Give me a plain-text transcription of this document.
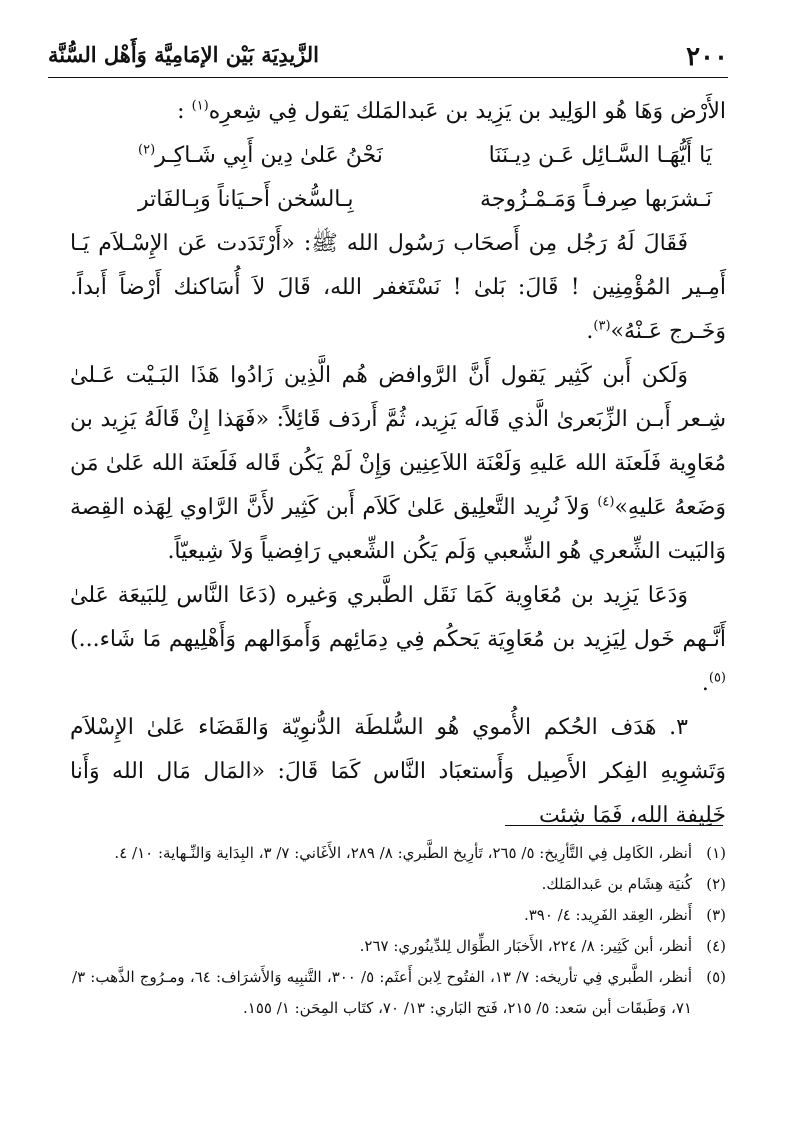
٢٠٠
الزَّيدِيَة بَيْن الإمَامِيَّة وَأَهْل السُّنَّة

الأَرْض وَهَا هُو الوَلِيد بن يَزِيد بن عَبدالمَلك يَقول فِي شِعرِه$^{(١)}$ :

يَا أَيُّهَـا السَّـائِل عَـن دِيـنَنَا
نَحْنُ عَلىٰ دِين أَبِي شَـاكِـر$^{(٢)}$
نَـشرَبها صِرفـاً وَمَـمْـزُوجة
بِـالسُّخن أَحـيَاناً وَبِـالفَاتر

فَقَالَ لَهُ رَجُل مِن أَصحَاب رَسُول الله ﷺ: «أَرْتَدَدت عَن الإِسْـلاَم يَـا أَمِـير المُؤْمِنِين ! قَالَ: بَلىٰ ! نَسْتَغفر الله، قَالَ لاَ أُسَاكنك أَرْضاً أَبداً. وَخَـرج عَـنْهُ»$^{(٣)}$.

وَلَكن أَبن كَثِير يَقول أَنَّ الرَّوافض هُم الَّذِين زَادُوا هَذَا البَـيْت عَـلىٰ شِـعر أَبـن الزِّبَعرىٰ الَّذي قَالَه يَزِيد، ثُمَّ أَردَف قَائِلاً: «فَهَذا إِنْ قَالَهُ يَزِيد بن مُعَاوِية فَلَعنَة الله عَليهِ وَلَعْنَة اللاَعِنِين وَإِنْ لَمْ يَكُن قَاله فَلَعنَة الله عَلىٰ مَن وَضَعهُ عَليهِ»$^{(٤)}$ وَلاَ نُرِيد التَّعلِيق عَلىٰ كَلاَم أَبن كَثِير لأَنَّ الرَّاوي لِهَذه القِصة وَالبَيت الشِّعري هُو الشِّعبي وَلَم يَكُن الشِّعبي رَافِضياً وَلاَ شِيعيّاً.

وَدَعَا يَزِيد بن مُعَاوِية كَمَا نَقَل الطَّبري وَغيره (دَعَا النَّاس لِلبَيعَة عَلىٰ أَنَّـهم خَول لِيَزِيد بن مُعَاوِيَة يَحكُم فِي دِمَائِهم وَأَموَالهم وَأَهْلِيهم مَا شَاء...)$^{(٥)}$.

٣. هَدَف الحُكم الأُموي هُو السُّلطَة الدُّنوِيّة وَالقَضَاء عَلىٰ الإِسْلاَم وَتَشوِيهِ الفِكر الأَصِيل وَأَستعبَاد النَّاس كَمَا قَالَ: «المَال مَال الله وَأَنا خَلِيفة الله، فَمَا شِئت

(١)
أنظر، الكَامِل فِي التَّأرِيخ: ٥/ ٢٦٥، تَأرِيخ الطَّبري: ٨/ ٢٨٩، الأَغَاني: ٧/ ٣، البِدَاية وَالنِّـهاية: ١٠/ ٤.
(٢)
كُنيَة هِشَام بن عَبدالمَلك.
(٣)
أَنظر، العِقد الفَرِيد: ٤/ ٣٩٠.
(٤)
أنظر، أبن كَثِير: ٨/ ٢٢٤، الأَخبَار الطِّوَال لِلدِّينُوري: ٢٦٧.
(٥)
أنظر، الطَّبري فِي تأريخه: ٧/ ١٣، الفتُوح لِابن أَعثَم: ٥/ ٣٠٠، التَّنبِيه وَالأَشرَاف: ٦٤، ومـرُوج الذَّهب: ٣/ ٧١، وَطَبقَات أبن سَعد: ٥/ ٢١٥، فَتح البَاري: ١٣/ ٧٠، كتَاب المِحَن: ١/ ١٥٥.
